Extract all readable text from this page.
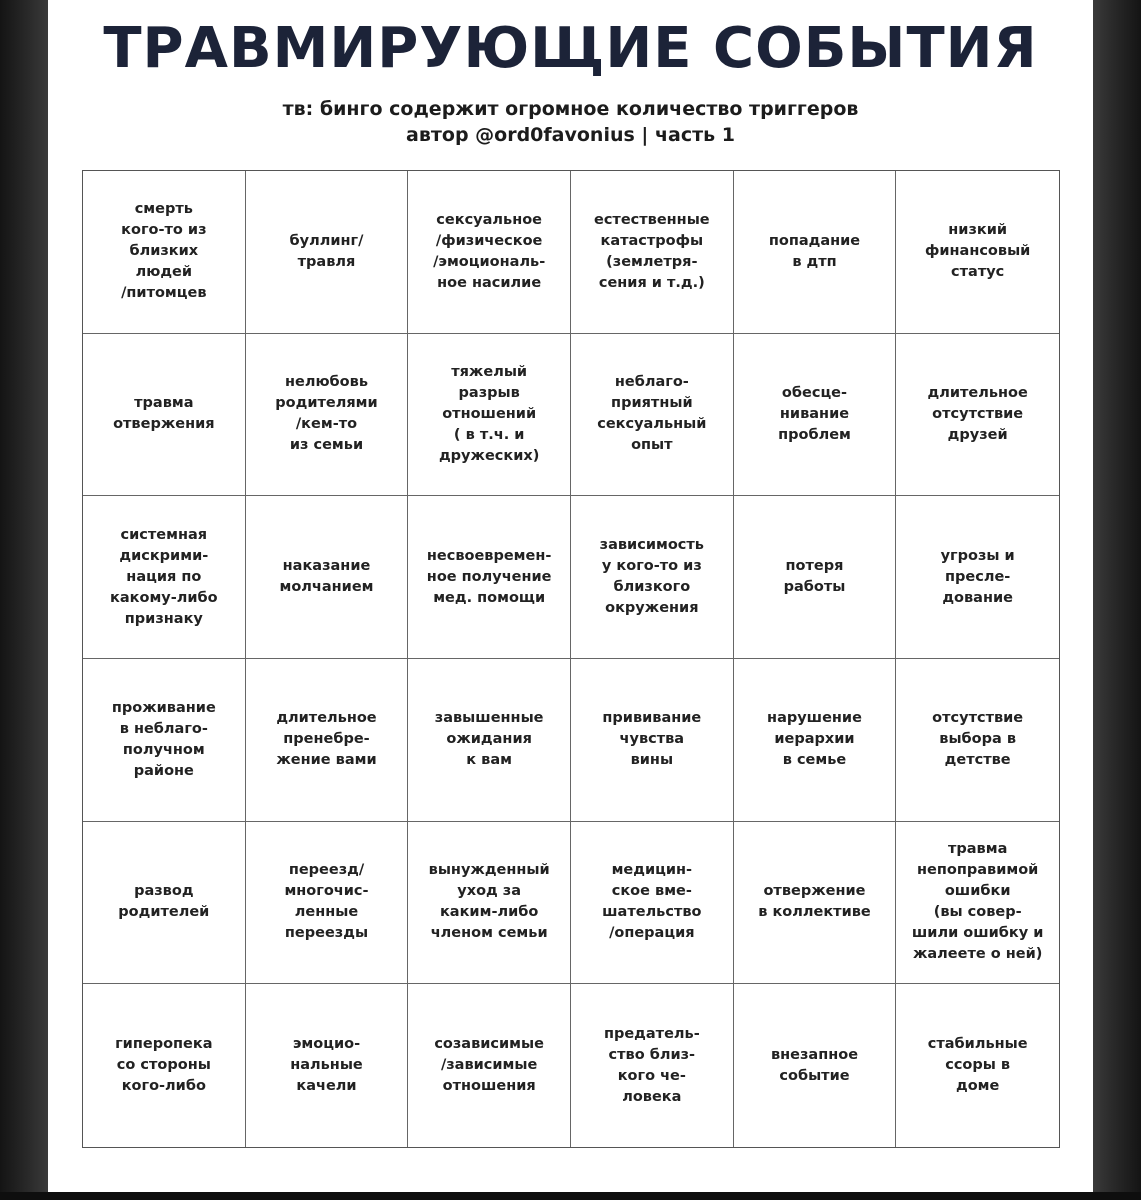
ТРАВМИРУЮЩИЕ СОБЫТИЯ
тв: бинго содержит огромное количество триггеров
автор @ord0favonius | часть 1
смерть
кого-то из
близких
людей
/питомцев
буллинг/
травля
сексуальное
/физическое
/эмоциональ-
ное насилие
естественные
катастрофы
(землетря-
сения и т.д.)
попадание
в дтп
низкий
финансовый
статус
травма
отвержения
нелюбовь
родителями
/кем-то
из семьи
тяжелый
разрыв
отношений
( в т.ч. и
дружеских)
неблаго-
приятный
сексуальный
опыт
обесце-
нивание
проблем
длительное
отсутствие
друзей
системная
дискрими-
нация по
какому-либо
признаку
наказание
молчанием
несвоевремен-
ное получение
мед. помощи
зависимость
у кого-то из
близкого
окружения
потеря
работы
угрозы и
пресле-
дование
проживание
в неблаго-
получном
районе
длительное
пренебре-
жение вами
завышенные
ожидания
к вам
прививание
чувства
вины
нарушение
иерархии
в семье
отсутствие
выбора в
детстве
развод
родителей
переезд/
многочис-
ленные
переезды
вынужденный
уход за
каким-либо
членом семьи
медицин-
ское вме-
шательство
/операция
отвержение
в коллективе
травма
непоправимой
ошибки
(вы совер-
шили ошибку и
жалеете о ней)
гиперопека
со стороны
кого-либо
эмоцио-
нальные
качели
созависимые
/зависимые
отношения
предатель-
ство близ-
кого че-
ловека
внезапное
событие
стабильные
ссоры в
доме
